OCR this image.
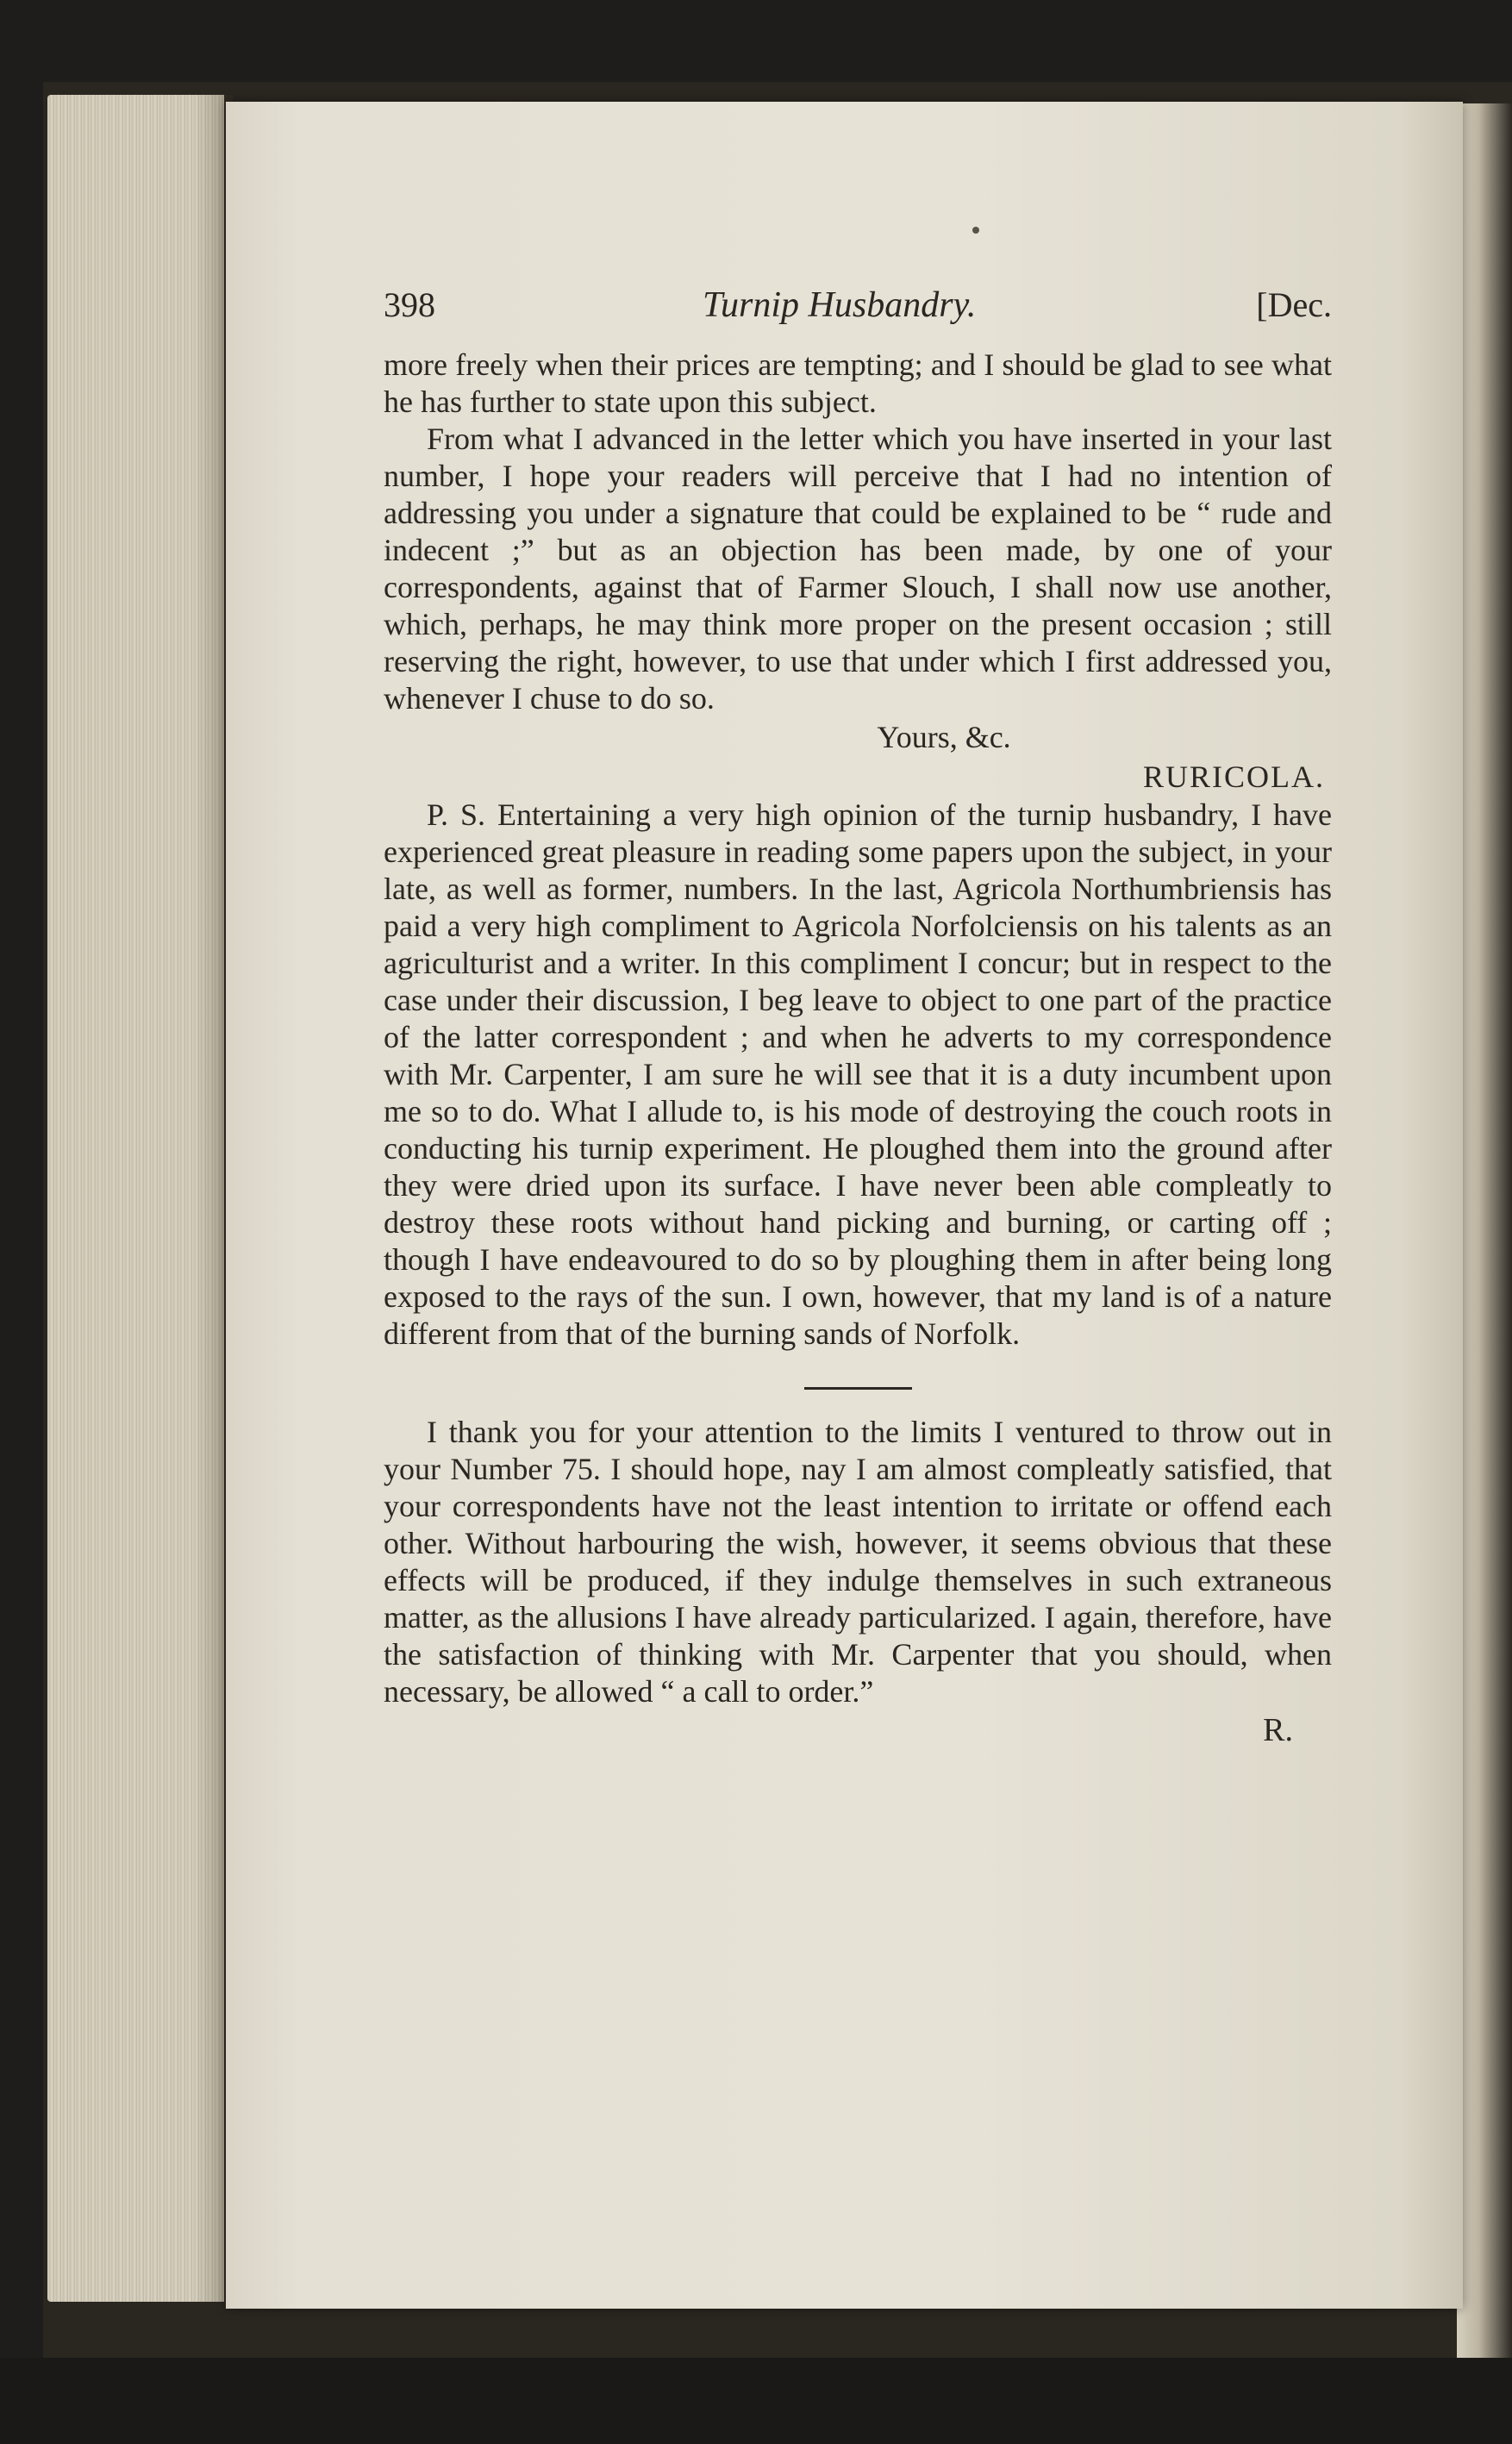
398	Turnip Husbandry.	[Dec.

more freely when their prices are tempting; and I should be glad to see what he has further to state upon this subject.

From what I advanced in the letter which you have inserted in your last number, I hope your readers will perceive that I had no intention of addressing you under a signature that could be explained to be “ rude and indecent ;” but as an objection has been made, by one of your correspondents, against that of Farmer Slouch, I shall now use another, which, perhaps, he may think more proper on the present occasion ; still reserving the right, however, to use that under which I first addressed you, whenever I chuse to do so.

Yours, &c.

RURICOLA.

P. S. Entertaining a very high opinion of the turnip husbandry, I have experienced great pleasure in reading some papers upon the subject, in your late, as well as former, numbers. In the last, Agricola Northumbriensis has paid a very high compliment to Agricola Norfolciensis on his talents as an agriculturist and a writer. In this compliment I concur; but in respect to the case under their discussion, I beg leave to object to one part of the practice of the latter correspondent ; and when he adverts to my correspondence with Mr. Carpenter, I am sure he will see that it is a duty incumbent upon me so to do. What I allude to, is his mode of destroying the couch roots in conducting his turnip experiment. He ploughed them into the ground after they were dried upon its surface. I have never been able compleatly to destroy these roots without hand picking and burning, or carting off ; though I have endeavoured to do so by ploughing them in after being long exposed to the rays of the sun. I own, however, that my land is of a nature different from that of the burning sands of Norfolk.

I thank you for your attention to the limits I ventured to throw out in your Number 75. I should hope, nay I am almost compleatly satisfied, that your correspondents have not the least intention to irritate or offend each other. Without harbouring the wish, however, it seems obvious that these effects will be produced, if they indulge themselves in such extraneous matter, as the allusions I have already particularized. I again, therefore, have the satisfaction of thinking with Mr. Carpenter that you should, when necessary, be allowed “ a call to order.”

R.
